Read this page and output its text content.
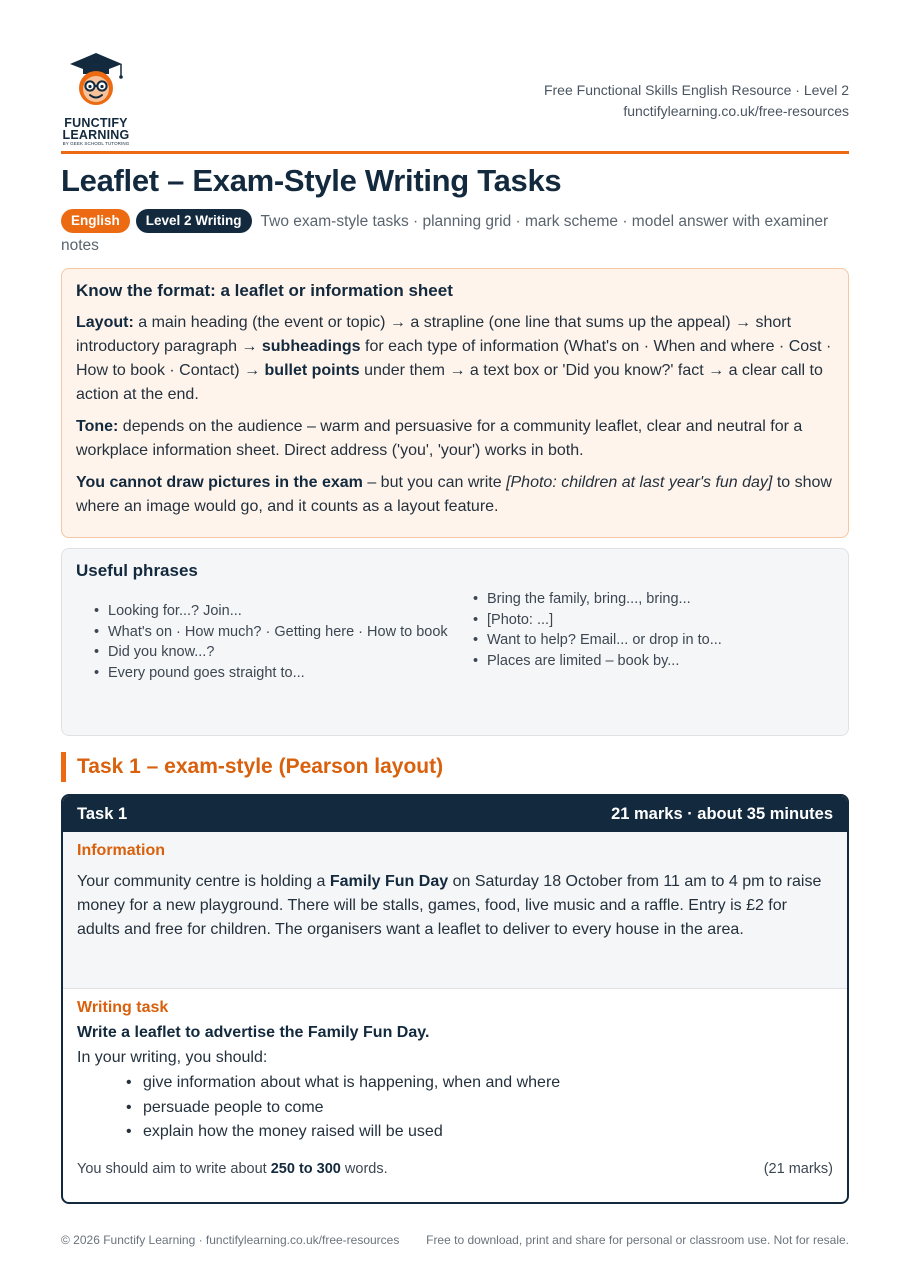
FUNCTIFY
LEARNING
BY GEEK SCHOOL TUTORING
Free Functional Skills English Resource · Level 2
functifylearning.co.uk/free-resources
Leaflet – Exam-Style Writing Tasks
English Level 2 Writing Two exam-style tasks · planning grid · mark scheme · model answer with examiner notes
Know the format: a leaflet or information sheet

Layout: a main heading (the event or topic) → a strapline (one line that sums up the appeal) → short introductory paragraph → subheadings for each type of information (What's on · When and where · Cost · How to book · Contact) → bullet points under them → a text box or 'Did you know?' fact → a clear call to action at the end.

Tone: depends on the audience – warm and persuasive for a community leaflet, clear and neutral for a workplace information sheet. Direct address ('you', 'your') works in both.

You cannot draw pictures in the exam – but you can write [Photo: children at last year's fun day] to show where an image would go, and it counts as a layout feature.

Useful phrases
• Looking for...? Join...
• What's on · How much? · Getting here · How to book
• Did you know...?
• Every pound goes straight to...
• Bring the family, bring..., bring...
• [Photo: ...]
• Want to help? Email... or drop in to...
• Places are limited – book by...
Task 1 – exam-style (Pearson layout)
Task 1	21 marks · about 35 minutes
Information

Your community centre is holding a Family Fun Day on Saturday 18 October from 11 am to 4 pm to raise money for a new playground. There will be stalls, games, food, live music and a raffle. Entry is £2 for adults and free for children. The organisers want a leaflet to deliver to every house in the area.

Writing task
Write a leaflet to advertise the Family Fun Day.
In your writing, you should:
• give information about what is happening, when and where
• persuade people to come
• explain how the money raised will be used
You should aim to write about 250 to 300 words.	(21 marks)
© 2026 Functify Learning · functifylearning.co.uk/free-resources	Free to download, print and share for personal or classroom use. Not for resale.
